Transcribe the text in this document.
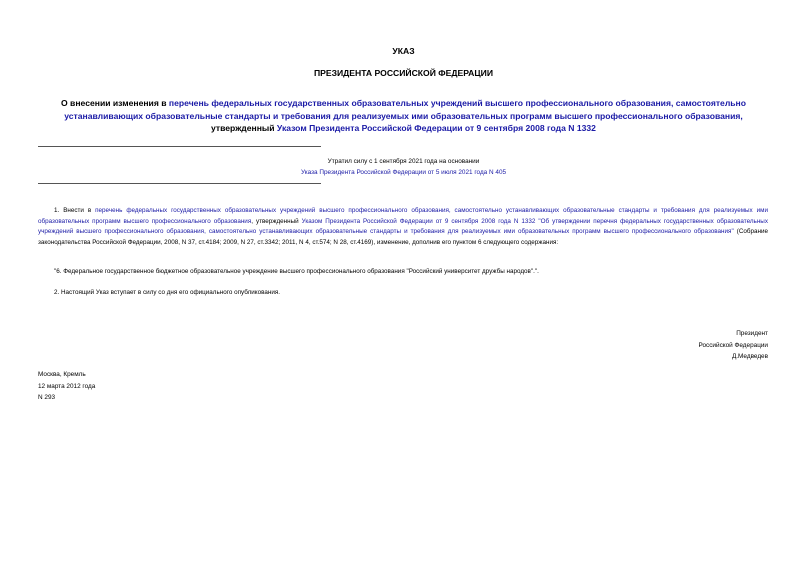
УКАЗ
ПРЕЗИДЕНТА РОССИЙСКОЙ ФЕДЕРАЦИИ
О внесении изменения в перечень федеральных государственных образовательных учреждений высшего профессионального образования, самостоятельно устанавливающих образовательные стандарты и требования для реализуемых ими образовательных программ высшего профессионального образования, утвержденный Указом Президента Российской Федерации от 9 сентября 2008 года N 1332
Утратил силу с 1 сентября 2021 года на основании
Указа Президента Российской Федерации от 5 июля 2021 года N 405
1. Внести в перечень федеральных государственных образовательных учреждений высшего профессионального образования, самостоятельно устанавливающих образовательные стандарты и требования для реализуемых ими образовательных программ высшего профессионального образования, утвержденный Указом Президента Российской Федерации от 9 сентября 2008 года N 1332 "Об утверждении перечня федеральных государственных образовательных учреждений высшего профессионального образования, самостоятельно устанавливающих образовательные стандарты и требования для реализуемых ими образовательных программ высшего профессионального образования" (Собрание законодательства Российской Федерации, 2008, N 37, ст.4184; 2009, N 27, ст.3342; 2011, N 4, ст.574; N 28, ст.4169), изменение, дополнив его пунктом 6 следующего содержания:
"6. Федеральное государственное бюджетное образовательное учреждение высшего профессионального образования "Российский университет дружбы народов".".
2. Настоящий Указ вступает в силу со дня его официального опубликования.
Президент
Российской Федерации
Д.Медведев
Москва, Кремль
12 марта 2012 года
N 293
